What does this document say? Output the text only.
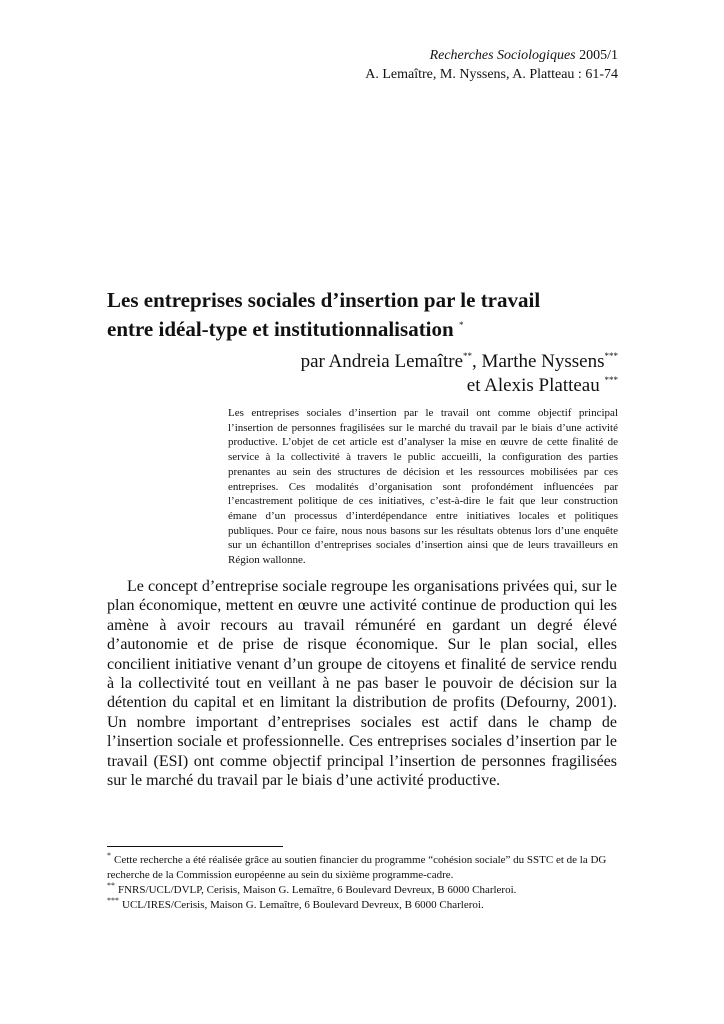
Recherches Sociologiques 2005/1
A. Lemaître, M. Nyssens, A. Platteau : 61-74
Les entreprises sociales d’insertion par le travail
entre idéal-type et institutionnalisation *
par Andreia Lemaître**, Marthe Nyssens***
et Alexis Platteau ***

Les entreprises sociales d’insertion par le travail ont comme objectif principal l’insertion de personnes fragilisées sur le marché du travail par le biais d’une activité productive. L’objet de cet article est d’analyser la mise en œuvre de cette finalité de service à la collectivité à travers le public accueilli, la configuration des parties prenantes au sein des structures de décision et les ressources mobilisées par ces entreprises. Ces modalités d’organisation sont profondément influencées par l’encastrement politique de ces initiatives, c’est-à-dire le fait que leur construction émane d’un processus d’interdépendance entre initiatives locales et politiques publiques. Pour ce faire, nous nous basons sur les résultats obtenus lors d’une enquête sur un échantillon d’entreprises sociales d’insertion ainsi que de leurs travailleurs en Région wallonne.

Le concept d’entreprise sociale regroupe les organisations privées qui, sur le plan économique, mettent en œuvre une activité continue de production qui les amène à avoir recours au travail rémunéré en gardant un degré élevé d’autonomie et de prise de risque économique. Sur le plan social, elles concilient initiative venant d’un groupe de citoyens et finalité de service rendu à la collectivité tout en veillant à ne pas baser le pouvoir de décision sur la détention du capital et en limitant la distribution de profits (Defourny, 2001). Un nombre important d’entreprises sociales est actif dans le champ de l’insertion sociale et professionnelle. Ces entreprises sociales d’insertion par le travail (ESI) ont comme objectif principal l’insertion de personnes fragilisées sur le marché du travail par le biais d’une activité productive.

* Cette recherche a été réalisée grâce au soutien financier du programme “cohésion sociale” du SSTC et de la DG recherche de la Commission européenne au sein du sixième programme-cadre.

** FNRS/UCL/DVLP, Cerisis, Maison G. Lemaître, 6 Boulevard Devreux, B 6000 Charleroi.

*** UCL/IRES/Cerisis, Maison G. Lemaître, 6 Boulevard Devreux, B 6000 Charleroi.
